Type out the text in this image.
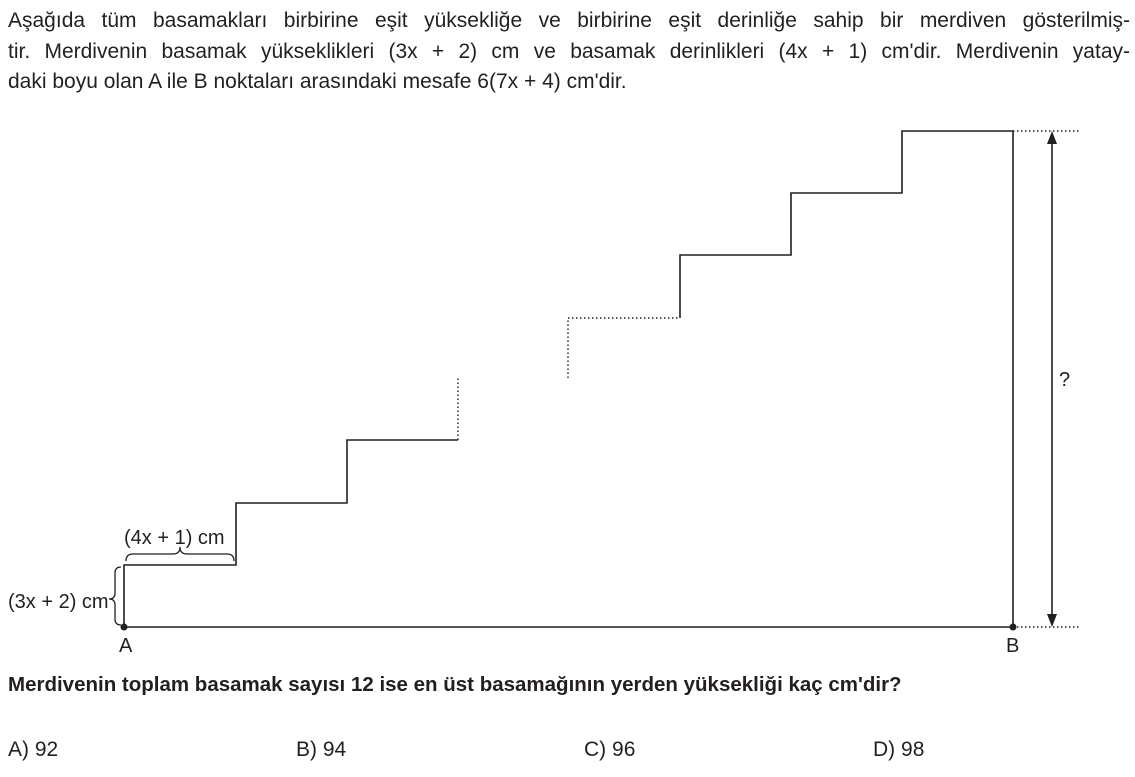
Aşağıda tüm basamakları birbirine eşit yüksekliğe ve birbirine eşit derinliğe sahip bir merdiven gösterilmiş-
tir. Merdivenin basamak yükseklikleri (3x + 2) cm ve basamak derinlikleri (4x + 1) cm'dir. Merdivenin yatay-
daki boyu olan A ile B noktaları arasındaki mesafe 6(7x + 4) cm'dir.
?
(4x + 1) cm
(3x + 2) cm
A	B
Merdivenin toplam basamak sayısı 12 ise en üst basamağının yerden yüksekliği kaç cm'dir?
A) 92	B) 94	C) 96	D) 98
